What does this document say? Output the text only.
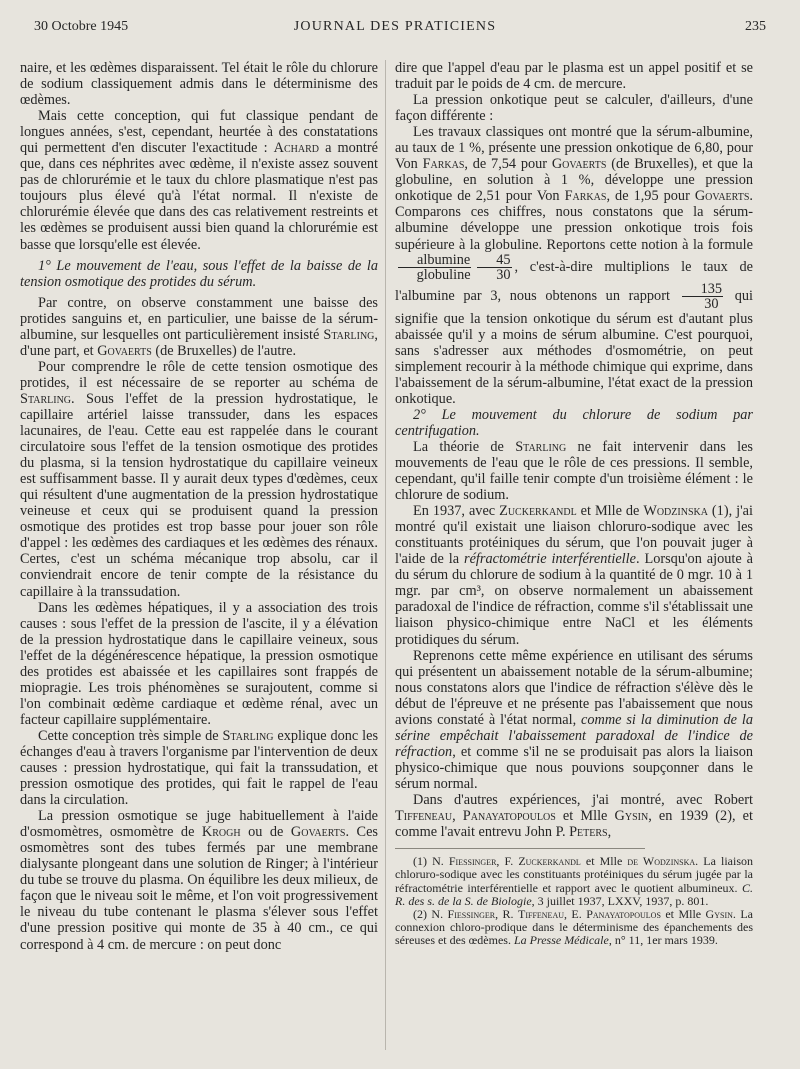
30 Octobre 1945	JOURNAL DES PRATICIENS	235

naire, et les œdèmes disparaissent. Tel était le rôle du chlorure de sodium classiquement admis dans le déterminisme des œdèmes.

Mais cette conception, qui fut classique pendant de longues années, s'est, cependant, heurtée à des constatations qui permettent d'en discuter l'exactitude : Achard a montré que, dans ces néphrites avec œdème, il n'existe assez souvent pas de chlorurémie et le taux du chlore plasmatique n'est pas toujours plus élevé qu'à l'état normal. Il n'existe de chlorurémie élevée que dans des cas relativement restreints et les œdèmes se produisent aussi bien quand la chlorurémie est basse que lorsqu'elle est élevée.

1° Le mouvement de l'eau, sous l'effet de la baisse de la tension osmotique des protides du sérum.

Par contre, on observe constamment une baisse des protides sanguins et, en particulier, une baisse de la sérum-albumine, sur lesquelles ont particulièrement insisté Starling, d'une part, et Govaerts (de Bruxelles) de l'autre.

Pour comprendre le rôle de cette tension osmotique des protides, il est nécessaire de se reporter au schéma de Starling. Sous l'effet de la pression hydrostatique, le capillaire artériel laisse transsuder, dans les espaces lacunaires, de l'eau. Cette eau est rappelée dans le courant circulatoire sous l'effet de la tension osmotique des protides du plasma, si la tension hydrostatique du capillaire veineux est suffisamment basse. Il y aurait deux types d'œdèmes, ceux qui résultent d'une augmentation de la pression hydrostatique veineuse et ceux qui se produisent quand la pression osmotique des protides est trop basse pour jouer son rôle d'appel : les œdèmes des cardiaques et les œdèmes des rénaux. Certes, c'est un schéma mécanique trop absolu, car il conviendrait encore de tenir compte de la résistance du capillaire à la transsudation.

Dans les œdèmes hépatiques, il y a association des trois causes : sous l'effet de la pression de l'ascite, il y a élévation de la pression hydrostatique dans le capillaire veineux, sous l'effet de la dégénérescence hépatique, la pression osmotique des protides est abaissée et les capillaires sont frappés de miopragie. Les trois phénomènes se surajoutent, comme si l'on combinait œdème cardiaque et œdème rénal, avec un facteur capillaire supplémentaire.

Cette conception très simple de Starling explique donc les échanges d'eau à travers l'organisme par l'intervention de deux causes : pression hydrostatique, qui fait la transsudation, et pression osmotique des protides, qui fait le rappel de l'eau dans la circulation.

La pression osmotique se juge habituellement à l'aide d'osmomètres, osmomètre de Krogh ou de Govaerts. Ces osmomètres sont des tubes fermés par une membrane dialysante plongeant dans une solution de Ringer; à l'intérieur du tube se trouve du plasma. On équilibre les deux milieux, de façon que le niveau soit le même, et l'on voit progressivement le niveau du tube contenant le plasma s'élever sous l'effet d'une pression positive qui monte de 35 à 40 cm., ce qui correspond à 4 cm. de mercure : on peut donc

dire que l'appel d'eau par le plasma est un appel positif et se traduit par le poids de 4 cm. de mercure.

La pression onkotique peut se calculer, d'ailleurs, d'une façon différente :

Les travaux classiques ont montré que la sérum-albumine, au taux de 1 %, présente une pression onkotique de 6,80, pour Von Farkas, de 7,54 pour Govaerts (de Bruxelles), et que la globuline, en solution à 1 %, développe une pression onkotique de 2,51 pour Von Farkas, de 1,95 pour Govaerts. Comparons ces chiffres, nous constatons que la sérum-albumine développe une pression onkotique trois fois supérieure à la globuline. Reportons cette notion à la formule
$\frac{\text{albumine}}{\text{globuline}} \frac{45}{30}$ , c'est-à-dire multiplions le taux de l'albumine par 3, nous obtenons un rapport $\frac{135}{30}$ qui signifie que la tension onkotique du sérum est d'autant plus abaissée qu'il y a moins de sérum albumine. C'est pourquoi, sans s'adresser aux méthodes d'osmométrie, on peut simplement recourir à la méthode chimique qui exprime, dans l'abaissement de la sérum-albumine, l'état exact de la pression onkotique.

2° Le mouvement du chlorure de sodium par centrifugation.

La théorie de Starling ne fait intervenir dans les mouvements de l'eau que le rôle de ces pressions. Il semble, cependant, qu'il faille tenir compte d'un troisième élément : le chlorure de sodium.

En 1937, avec Zuckerkandl et Mlle de Wodzinska (1), j'ai montré qu'il existait une liaison chloruro-sodique avec les constituants protéiniques du sérum, que l'on pouvait juger à l'aide de la réfractométrie interférentielle. Lorsqu'on ajoute à du sérum du chlorure de sodium à la quantité de 0 mgr. 10 à 1 mgr. par cm³, on observe normalement un abaissement paradoxal de l'indice de réfraction, comme s'il s'établissait une liaison physico-chimique entre NaCl et les éléments protidiques du sérum.

Reprenons cette même expérience en utilisant des sérums qui présentent un abaissement notable de la sérum-albumine; nous constatons alors que l'indice de réfraction s'élève dès le début de l'épreuve et ne présente pas l'abaissement que nous avions constaté à l'état normal, comme si la diminution de la sérine empêchait l'abaissement paradoxal de l'indice de réfraction, et comme s'il ne se produisait pas alors la liaison physico-chimique que nous pouvions soupçonner dans le sérum normal.

Dans d'autres expériences, j'ai montré, avec Robert Tiffeneau, Panayatopoulos et Mlle Gysin, en 1939 (2), et comme l'avait entrevu John P. Peters,

(1) N. Fiessinger, F. Zuckerkandl et Mlle de Wodzinska. La liaison chloruro-sodique avec les constituants protéiniques du sérum jugée par la réfractométrie interférentielle et rapport avec le quotient albumineux. C. R. des s. de la S. de Biologie, 3 juillet 1937, LXXV, 1937, p. 801.

(2) N. Fiessinger, R. Tiffeneau, E. Panayatopoulos et Mlle Gysin. La connexion chloro-prodique dans le déterminisme des épanchements des séreuses et des œdèmes. La Presse Médicale, n° 11, 1er mars 1939.
